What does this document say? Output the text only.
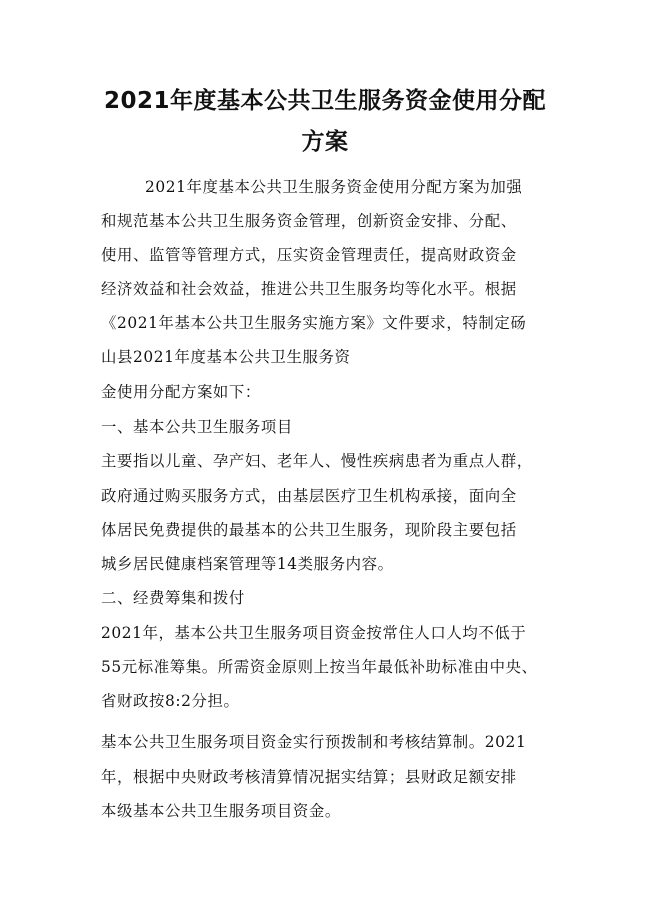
2021年度基本公共卫生服务资金使用分配
方案

2021年度基本公共卫生服务资金使用分配方案为加强

和规范基本公共卫生服务资金管理，创新资金安排、分配、

使用、监管等管理方式，压实资金管理责任，提高财政资金

经济效益和社会效益，推进公共卫生服务均等化水平。根据

《2021年基本公共卫生服务实施方案》文件要求，特制定砀

山县2021年度基本公共卫生服务资

金使用分配方案如下：

一、基本公共卫生服务项目

主要指以儿童、孕产妇、老年人、慢性疾病患者为重点人群，

政府通过购买服务方式，由基层医疗卫生机构承接，面向全

体居民免费提供的最基本的公共卫生服务，现阶段主要包括

城乡居民健康档案管理等14类服务内容。

二、经费筹集和拨付

2021年，基本公共卫生服务项目资金按常住人口人均不低于

55元标准筹集。所需资金原则上按当年最低补助标准由中央、

省财政按8:2分担。

基本公共卫生服务项目资金实行预拨制和考核结算制。2021

年，根据中央财政考核清算情况据实结算；县财政足额安排

本级基本公共卫生服务项目资金。
